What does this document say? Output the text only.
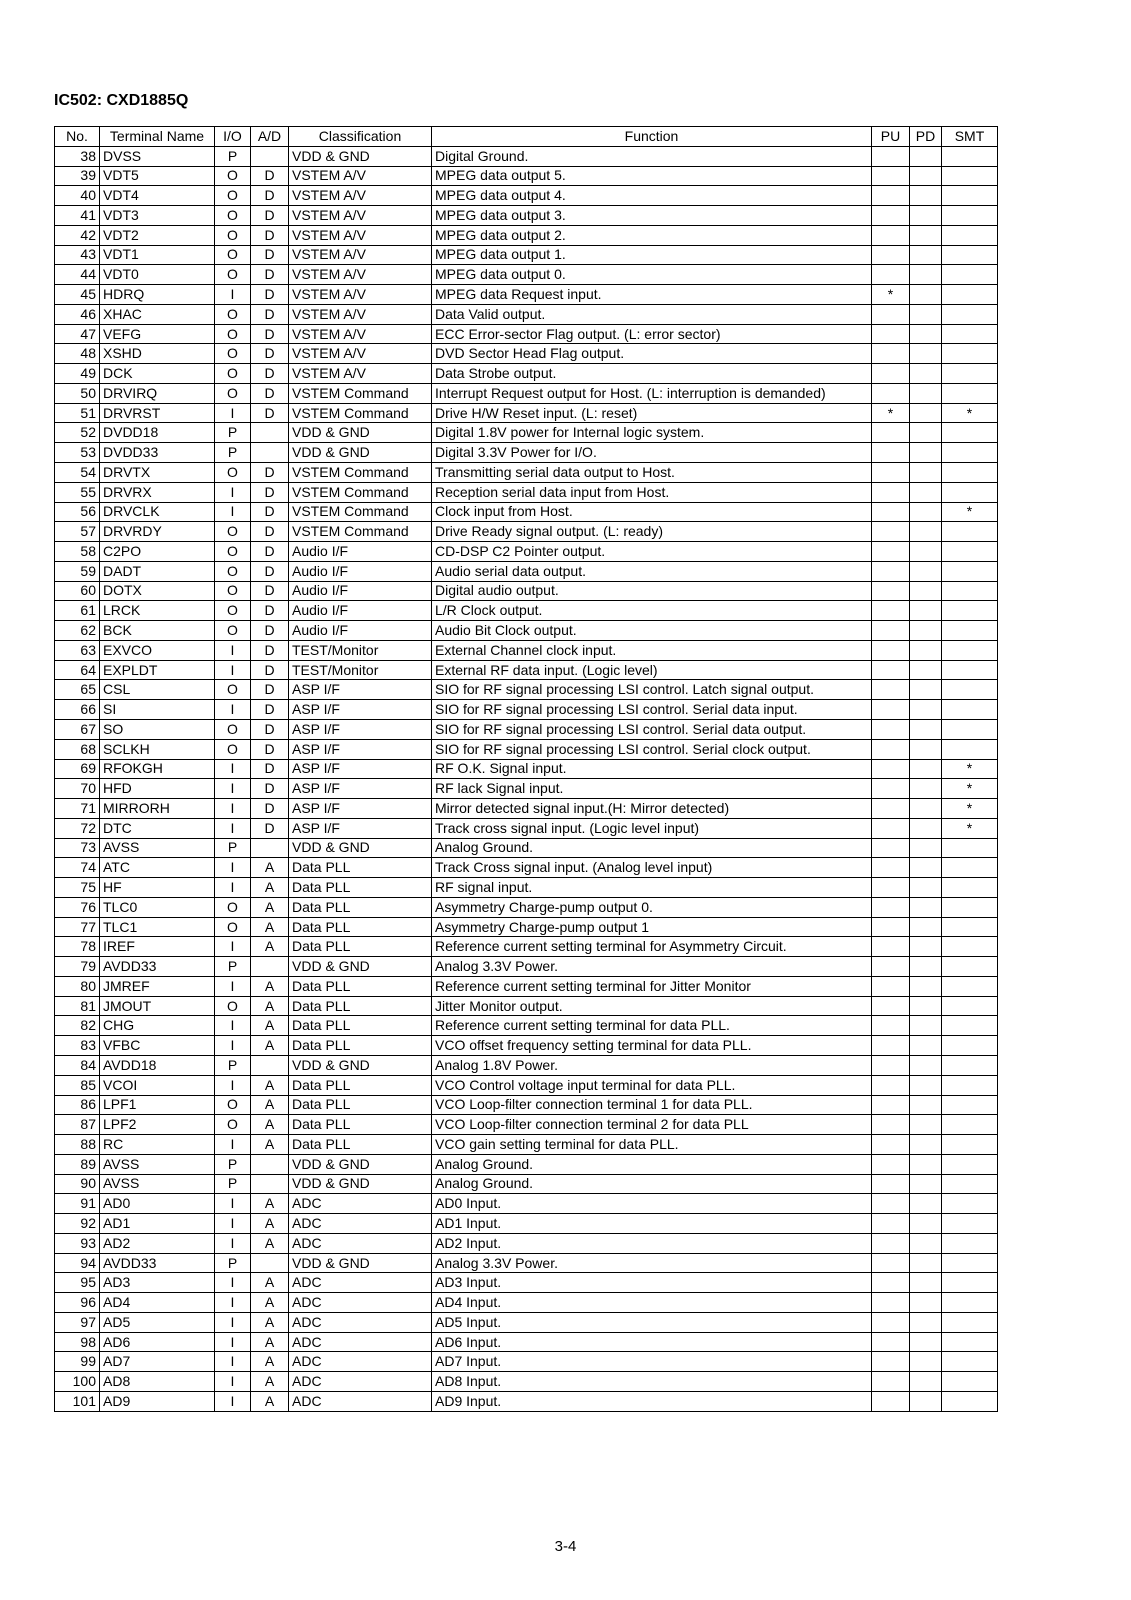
IC502: CXD1885Q
No.	Terminal Name	I/O	A/D	Classification	Function	PU	PD	SMT
38	DVSS	P		VDD & GND	Digital Ground.			
39	VDT5	O	D	VSTEM A/V	MPEG data output 5.			
40	VDT4	O	D	VSTEM A/V	MPEG data output 4.			
41	VDT3	O	D	VSTEM A/V	MPEG data output 3.			
42	VDT2	O	D	VSTEM A/V	MPEG data output 2.			
43	VDT1	O	D	VSTEM A/V	MPEG data output 1.			
44	VDT0	O	D	VSTEM A/V	MPEG data output 0.			
45	HDRQ	I	D	VSTEM A/V	MPEG data Request input.	*		
46	XHAC	O	D	VSTEM A/V	Data Valid output.			
47	VEFG	O	D	VSTEM A/V	ECC Error-sector Flag output. (L: error sector)			
48	XSHD	O	D	VSTEM A/V	DVD Sector Head Flag output.			
49	DCK	O	D	VSTEM A/V	Data Strobe output.			
50	DRVIRQ	O	D	VSTEM Command	Interrupt Request output for Host. (L: interruption is demanded)			
51	DRVRST	I	D	VSTEM Command	Drive H/W Reset input. (L: reset)	*		*
52	DVDD18	P		VDD & GND	Digital 1.8V power for Internal logic system.			
53	DVDD33	P		VDD & GND	Digital 3.3V Power for I/O.			
54	DRVTX	O	D	VSTEM Command	Transmitting serial data output to Host.			
55	DRVRX	I	D	VSTEM Command	Reception serial data input from Host.			
56	DRVCLK	I	D	VSTEM Command	Clock input from Host.			*
57	DRVRDY	O	D	VSTEM Command	Drive Ready signal output. (L: ready)			
58	C2PO	O	D	Audio I/F	CD-DSP C2 Pointer output.			
59	DADT	O	D	Audio I/F	Audio serial data output.			
60	DOTX	O	D	Audio I/F	Digital audio output.			
61	LRCK	O	D	Audio I/F	L/R Clock output.			
62	BCK	O	D	Audio I/F	Audio Bit Clock output.			
63	EXVCO	I	D	TEST/Monitor	External Channel clock input.			
64	EXPLDT	I	D	TEST/Monitor	External RF data input. (Logic level)			
65	CSL	O	D	ASP I/F	SIO for RF signal processing LSI control. Latch signal output.			
66	SI	I	D	ASP I/F	SIO for RF signal processing LSI control. Serial data input.			
67	SO	O	D	ASP I/F	SIO for RF signal processing LSI control. Serial data output.			
68	SCLKH	O	D	ASP I/F	SIO for RF signal processing LSI control. Serial clock output.			
69	RFOKGH	I	D	ASP I/F	RF O.K. Signal input.			*
70	HFD	I	D	ASP I/F	RF lack Signal input.			*
71	MIRRORH	I	D	ASP I/F	Mirror detected signal input.(H: Mirror detected)			*
72	DTC	I	D	ASP I/F	Track cross signal input. (Logic level input)			*
73	AVSS	P		VDD & GND	Analog Ground.			
74	ATC	I	A	Data PLL	Track Cross signal input. (Analog level input)			
75	HF	I	A	Data PLL	RF signal input.			
76	TLC0	O	A	Data PLL	Asymmetry Charge-pump output 0.			
77	TLC1	O	A	Data PLL	Asymmetry Charge-pump output 1			
78	IREF	I	A	Data PLL	Reference current setting terminal for Asymmetry Circuit.			
79	AVDD33	P		VDD & GND	Analog 3.3V Power.			
80	JMREF	I	A	Data PLL	Reference current setting terminal for Jitter Monitor			
81	JMOUT	O	A	Data PLL	Jitter Monitor output.			
82	CHG	I	A	Data PLL	Reference current setting terminal for data PLL.			
83	VFBC	I	A	Data PLL	VCO offset frequency setting terminal for data PLL.			
84	AVDD18	P		VDD & GND	Analog 1.8V Power.			
85	VCOI	I	A	Data PLL	VCO Control voltage input terminal for data PLL.			
86	LPF1	O	A	Data PLL	VCO Loop-filter connection terminal 1 for data PLL.			
87	LPF2	O	A	Data PLL	VCO Loop-filter connection terminal 2 for data PLL			
88	RC	I	A	Data PLL	VCO gain setting terminal for data PLL.			
89	AVSS	P		VDD & GND	Analog Ground.			
90	AVSS	P		VDD & GND	Analog Ground.			
91	AD0	I	A	ADC	AD0 Input.			
92	AD1	I	A	ADC	AD1 Input.			
93	AD2	I	A	ADC	AD2 Input.			
94	AVDD33	P		VDD & GND	Analog 3.3V Power.			
95	AD3	I	A	ADC	AD3 Input.			
96	AD4	I	A	ADC	AD4 Input.			
97	AD5	I	A	ADC	AD5 Input.			
98	AD6	I	A	ADC	AD6 Input.			
99	AD7	I	A	ADC	AD7 Input.			
100	AD8	I	A	ADC	AD8 Input.			
101	AD9	I	A	ADC	AD9 Input.			
3-4
